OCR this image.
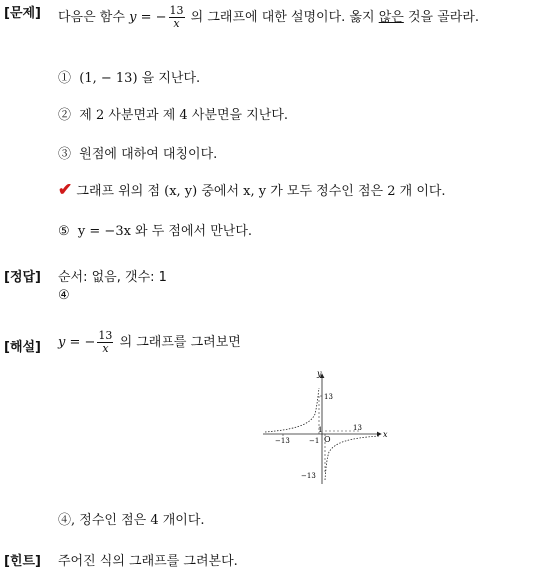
[문제] 다음은 함수 y = − $\frac{13}{x}$ 의 그래프에 대한 설명이다. 옳지 않은 것을 골라라.
① (1, − 13) 을 지난다.
② 제 2 사분면과 제 4 사분면을 지난다.
③ 원점에 대하여 대칭이다.
✔ 그래프 위의 점 (x, y) 중에서 x, y 가 모두 정수인 점은 2 개 이다.
⑤ y = −3x 와 두 점에서 만난다.
[정답] 순서: 없음, 갯수: 1
④
[해설] y = − $\frac{13}{x}$ 의 그래프를 그려보면
y
x
O
13
1
−13	−1
13
−13
④, 정수인 점은 4 개이다.
[힌트] 주어진 식의 그래프를 그려본다.
